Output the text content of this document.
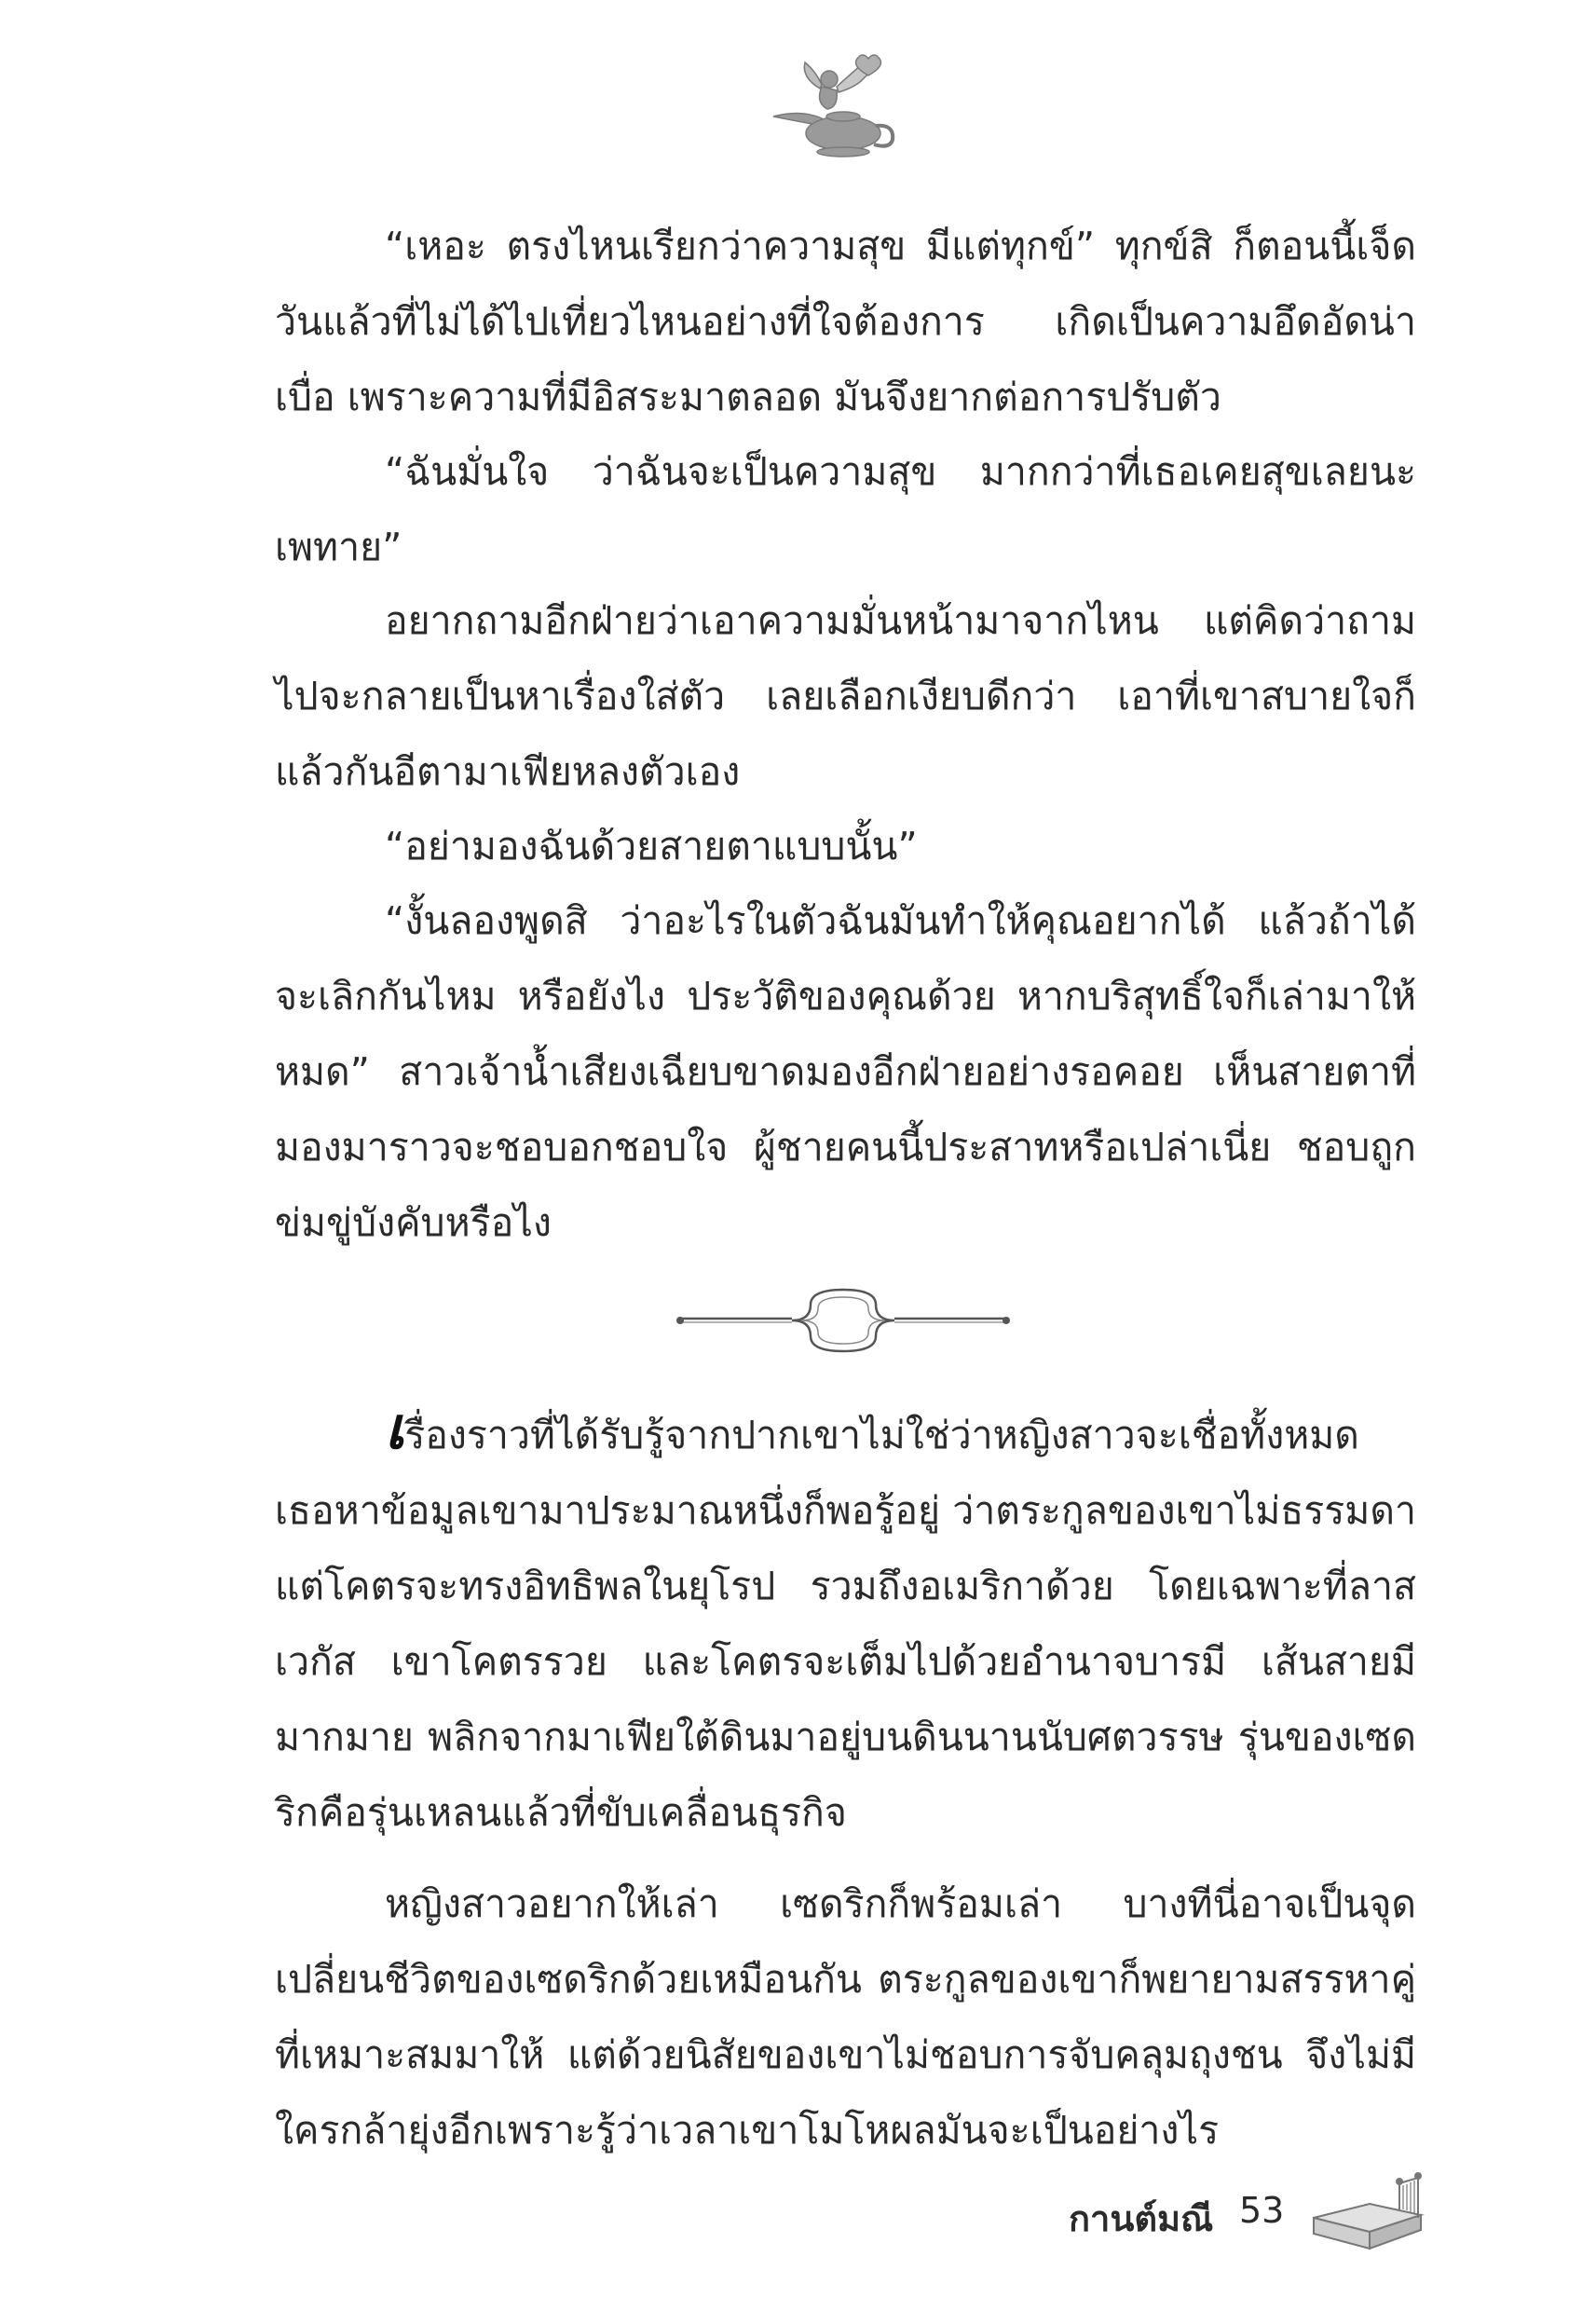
“เหอะ ตรงไหนเรียกว่าความสุข มีแต่ทุกข์” ทุกข์สิ ก็ตอนนี้เจ็ดวันแล้วที่ไม่ได้ไปเที่ยวไหนอย่างที่ใจต้องการ เกิดเป็นความอึดอัดน่าเบื่อ เพราะความที่มีอิสระมาตลอด มันจึงยากต่อการปรับตัว

“ฉันมั่นใจ ว่าฉันจะเป็นความสุข มากกว่าที่เธอเคยสุขเลยนะเพทาย”

อยากถามอีกฝ่ายว่าเอาความมั่นหน้ามาจากไหน แต่คิดว่าถามไปจะกลายเป็นหาเรื่องใส่ตัว เลยเลือกเงียบดีกว่า เอาที่เขาสบายใจก็แล้วกันอีตามาเฟียหลงตัวเอง

“อย่ามองฉันด้วยสายตาแบบนั้น”

“งั้นลองพูดสิ ว่าอะไรในตัวฉันมันทำให้คุณอยากได้ แล้วถ้าได้จะเลิกกันไหม หรือยังไง ประวัติของคุณด้วย หากบริสุทธิ์ใจก็เล่ามาให้หมด” สาวเจ้าน้ำเสียงเฉียบขาดมองอีกฝ่ายอย่างรอคอย เห็นสายตาที่มองมาราวจะชอบอกชอบใจ ผู้ชายคนนี้ประสาทหรือเปล่าเนี่ย ชอบถูกข่มขู่บังคับหรือไง

เรื่องราวที่ได้รับรู้จากปากเขาไม่ใช่ว่าหญิงสาวจะเชื่อทั้งหมด เธอหาข้อมูลเขามาประมาณหนึ่งก็พอรู้อยู่ ว่าตระกูลของเขาไม่ธรรมดา แต่โคตรจะทรงอิทธิพลในยุโรป รวมถึงอเมริกาด้วย โดยเฉพาะที่ลาสเวกัส เขาโคตรรวย และโคตรจะเต็มไปด้วยอำนาจบารมี เส้นสายมีมากมาย พลิกจากมาเฟียใต้ดินมาอยู่บนดินนานนับศตวรรษ รุ่นของเซดริกคือรุ่นเหลนแล้วที่ขับเคลื่อนธุรกิจ

หญิงสาวอยากให้เล่า เซดริกก็พร้อมเล่า บางทีนี่อาจเป็นจุดเปลี่ยนชีวิตของเซดริกด้วยเหมือนกัน ตระกูลของเขาก็พยายามสรรหาคู่ที่เหมาะสมมาให้ แต่ด้วยนิสัยของเขาไม่ชอบการจับคลุมถุงชน จึงไม่มีใครกล้ายุ่งอีกเพราะรู้ว่าเวลาเขาโมโหผลมันจะเป็นอย่างไร

กานต์มณี 53
